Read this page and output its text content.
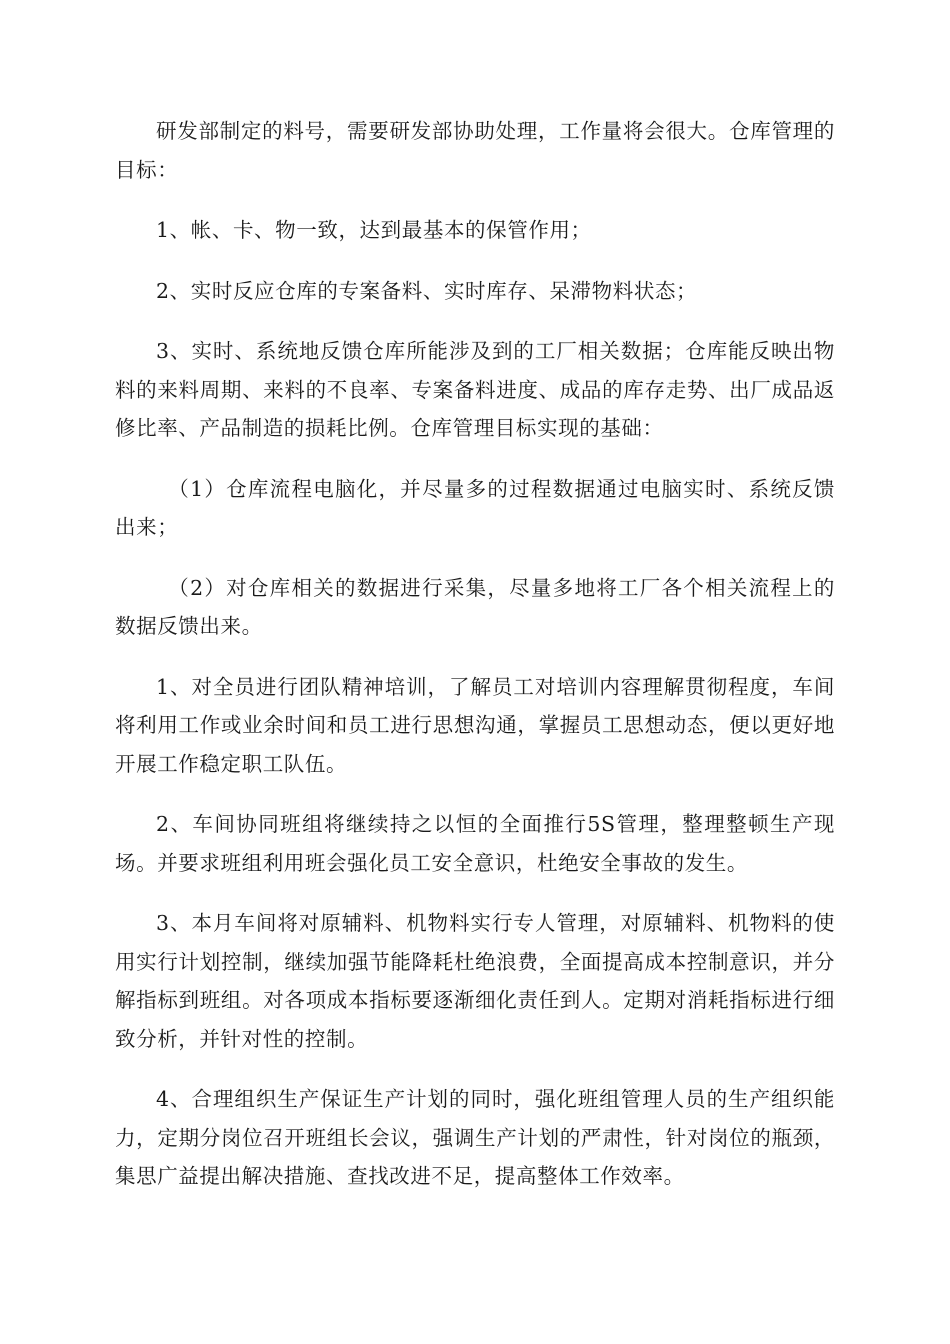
研发部制定的料号，需要研发部协助处理，工作量将会很大。仓库管理的目标：

1、帐、卡、物一致，达到最基本的保管作用；

2、实时反应仓库的专案备料、实时库存、呆滞物料状态；

3、实时、系统地反馈仓库所能涉及到的工厂相关数据；仓库能反映出物料的来料周期、来料的不良率、专案备料进度、成品的库存走势、出厂成品返修比率、产品制造的损耗比例。仓库管理目标实现的基础：

（1）仓库流程电脑化，并尽量多的过程数据通过电脑实时、系统反馈出来；

（2）对仓库相关的数据进行采集，尽量多地将工厂各个相关流程上的数据反馈出来。

1、对全员进行团队精神培训，了解员工对培训内容理解贯彻程度，车间将利用工作或业余时间和员工进行思想沟通，掌握员工思想动态，便以更好地开展工作稳定职工队伍。

2、车间协同班组将继续持之以恒的全面推行5S管理，整理整顿生产现场。并要求班组利用班会强化员工安全意识，杜绝安全事故的发生。

3、本月车间将对原辅料、机物料实行专人管理，对原辅料、机物料的使用实行计划控制，继续加强节能降耗杜绝浪费，全面提高成本控制意识，并分解指标到班组。对各项成本指标要逐渐细化责任到人。定期对消耗指标进行细致分析，并针对性的控制。

4、合理组织生产保证生产计划的同时，强化班组管理人员的生产组织能力，定期分岗位召开班组长会议，强调生产计划的严肃性，针对岗位的瓶颈，集思广益提出解决措施、查找改进不足，提高整体工作效率。
